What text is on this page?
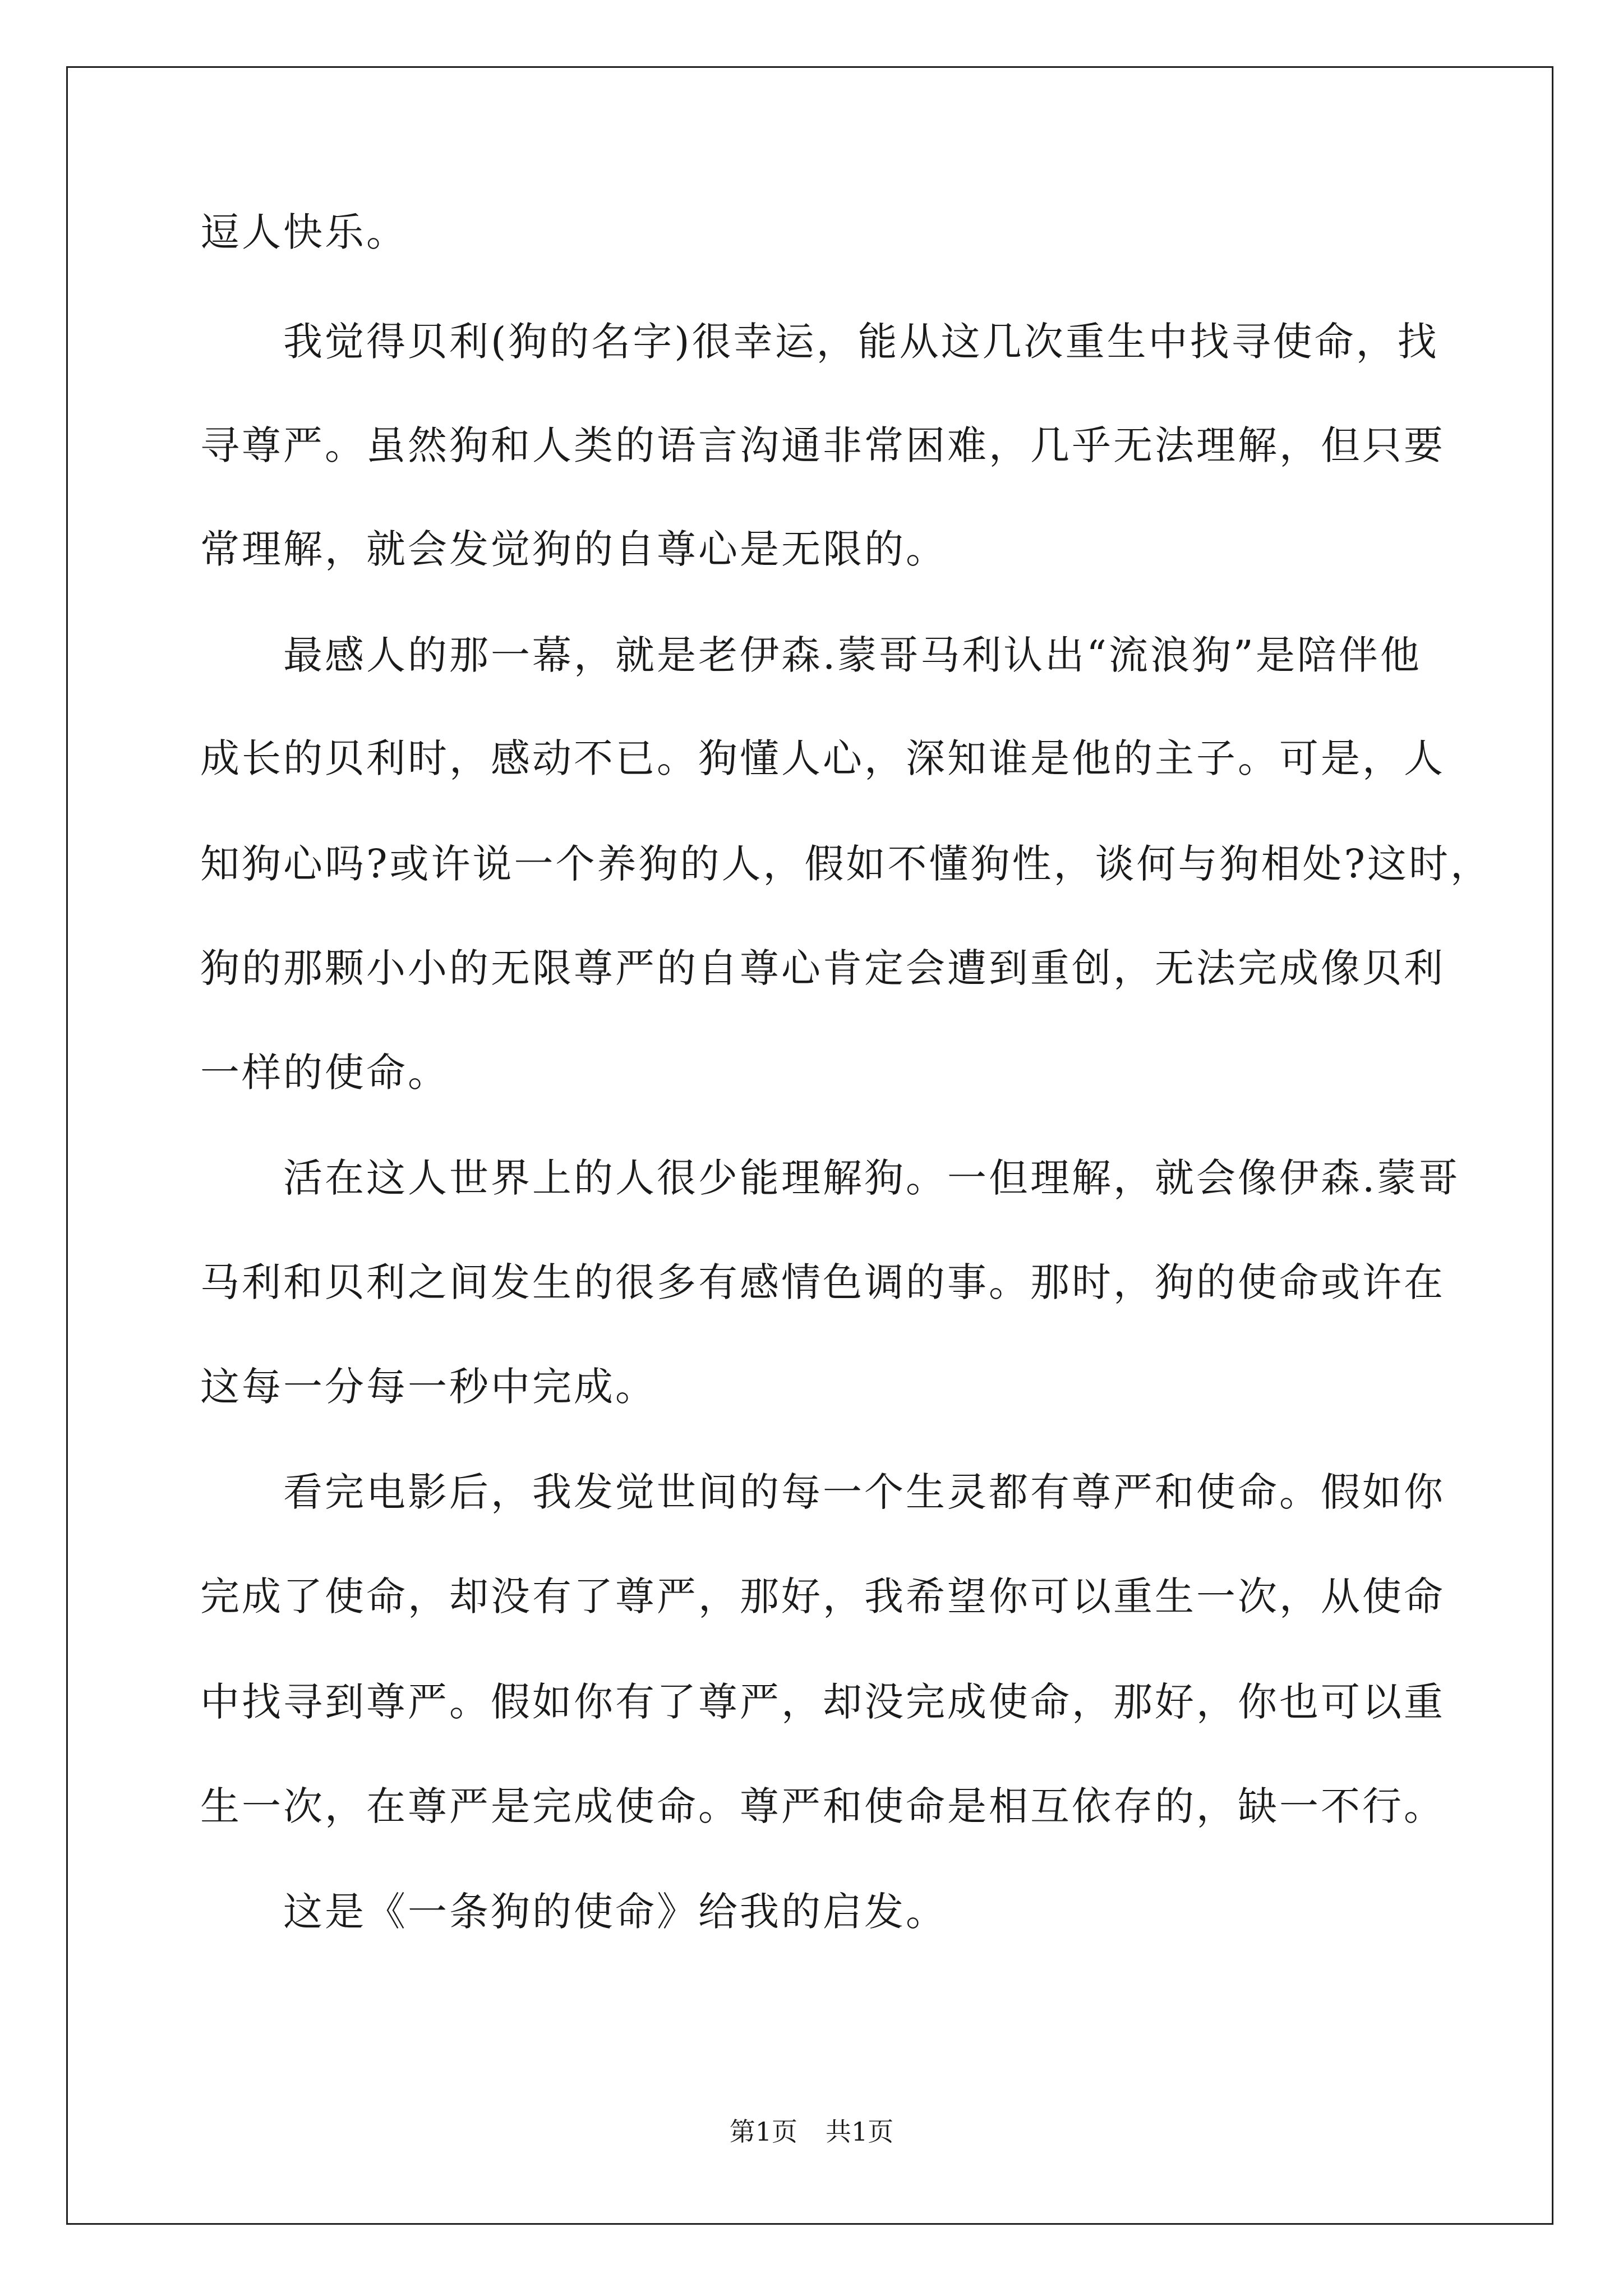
逗人快乐。
我觉得贝利(狗的名字)很幸运，能从这几次重生中找寻使命，找
寻尊严。虽然狗和人类的语言沟通非常困难，几乎无法理解，但只要
常理解，就会发觉狗的自尊心是无限的。
最感人的那一幕，就是老伊森.蒙哥马利认出“流浪狗”是陪伴他
成长的贝利时，感动不已。狗懂人心，深知谁是他的主子。可是，人
知狗心吗?或许说一个养狗的人，假如不懂狗性，谈何与狗相处?这时，
狗的那颗小小的无限尊严的自尊心肯定会遭到重创，无法完成像贝利
一样的使命。
活在这人世界上的人很少能理解狗。一但理解，就会像伊森.蒙哥
马利和贝利之间发生的很多有感情色调的事。那时，狗的使命或许在
这每一分每一秒中完成。
看完电影后，我发觉世间的每一个生灵都有尊严和使命。假如你
完成了使命，却没有了尊严，那好，我希望你可以重生一次，从使命
中找寻到尊严。假如你有了尊严，却没完成使命，那好，你也可以重
生一次，在尊严是完成使命。尊严和使命是相互依存的，缺一不行。
这是《一条狗的使命》给我的启发。
第1页 共1页
